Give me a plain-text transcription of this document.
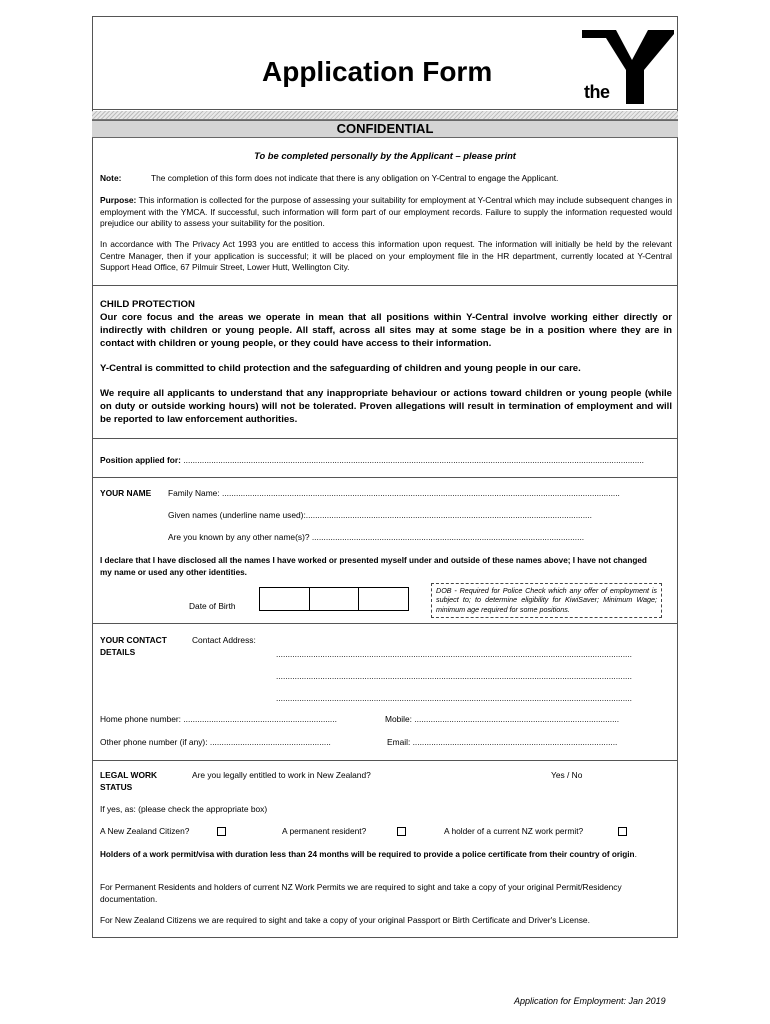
Application Form
the
CONFIDENTIAL
To be completed personally by the Applicant – please print
Note:	The completion of this form does not indicate that there is any obligation on Y-Central to engage the Applicant.
Purpose: This information is collected for the purpose of assessing your suitability for employment at Y-Central which may include subsequent changes in employment with the YMCA. If successful, such information will form part of our employment records. Failure to supply the information requested would prejudice our ability to assess your suitability for the position.
In accordance with The Privacy Act 1993 you are entitled to access this information upon request. The information will initially be held by the relevant Centre Manager, then if your application is successful; it will be placed on your employment file in the HR department, currently located at Y-Central Support Head Office, 67 Pilmuir Street, Lower Hutt, Wellington City.
CHILD PROTECTION
Our core focus and the areas we operate in mean that all positions within Y-Central involve working either directly or indirectly with children or young people. All staff, across all sites may at some stage be in a position where they are in contact with children or young people, or they could have access to their information.
Y-Central is committed to child protection and the safeguarding of children and young people in our care.
We require all applicants to understand that any inappropriate behaviour or actions toward children or young people (while on duty or outside working hours) will not be tolerated. Proven allegations will result in termination of employment and will be reported to law enforcement authorities.
Position applied for: ......................................................................................................................................................................................................
YOUR NAME Family Name: ...........................................................................................................................................................................
Given names (underline name used):...........................................................................................................................
Are you known by any other name(s)? .....................................................................................................................
I declare that I have disclosed all the names I have worked or presented myself under and outside of these names above; I have not changed my name or used any other identities.
Date of Birth
DOB - Required for Police Check which any offer of employment is subject to; to determine eligibility for KiwiSaver; Minimum Wage; minimum age required for some positions.
YOUR CONTACT
DETAILS
Contact Address:
.........................................................................................................................................................
.........................................................................................................................................................
.........................................................................................................................................................
Home phone number: ..................................................................	Mobile: ........................................................................................
Other phone number (if any): ....................................................	Email: ........................................................................................
LEGAL WORK
STATUS
Are you legally entitled to work in New Zealand?	Yes / No
If yes, as: (please check the appropriate box)
A New Zealand Citizen?	A permanent resident?	A holder of a current NZ work permit?
Holders of a work permit/visa with duration less than 24 months will be required to provide a police certificate from their country of origin.
For Permanent Residents and holders of current NZ Work Permits we are required to sight and take a copy of your original Permit/Residency documentation.
For New Zealand Citizens we are required to sight and take a copy of your original Passport or Birth Certificate and Driver's License.
Application for Employment: Jan 2019
